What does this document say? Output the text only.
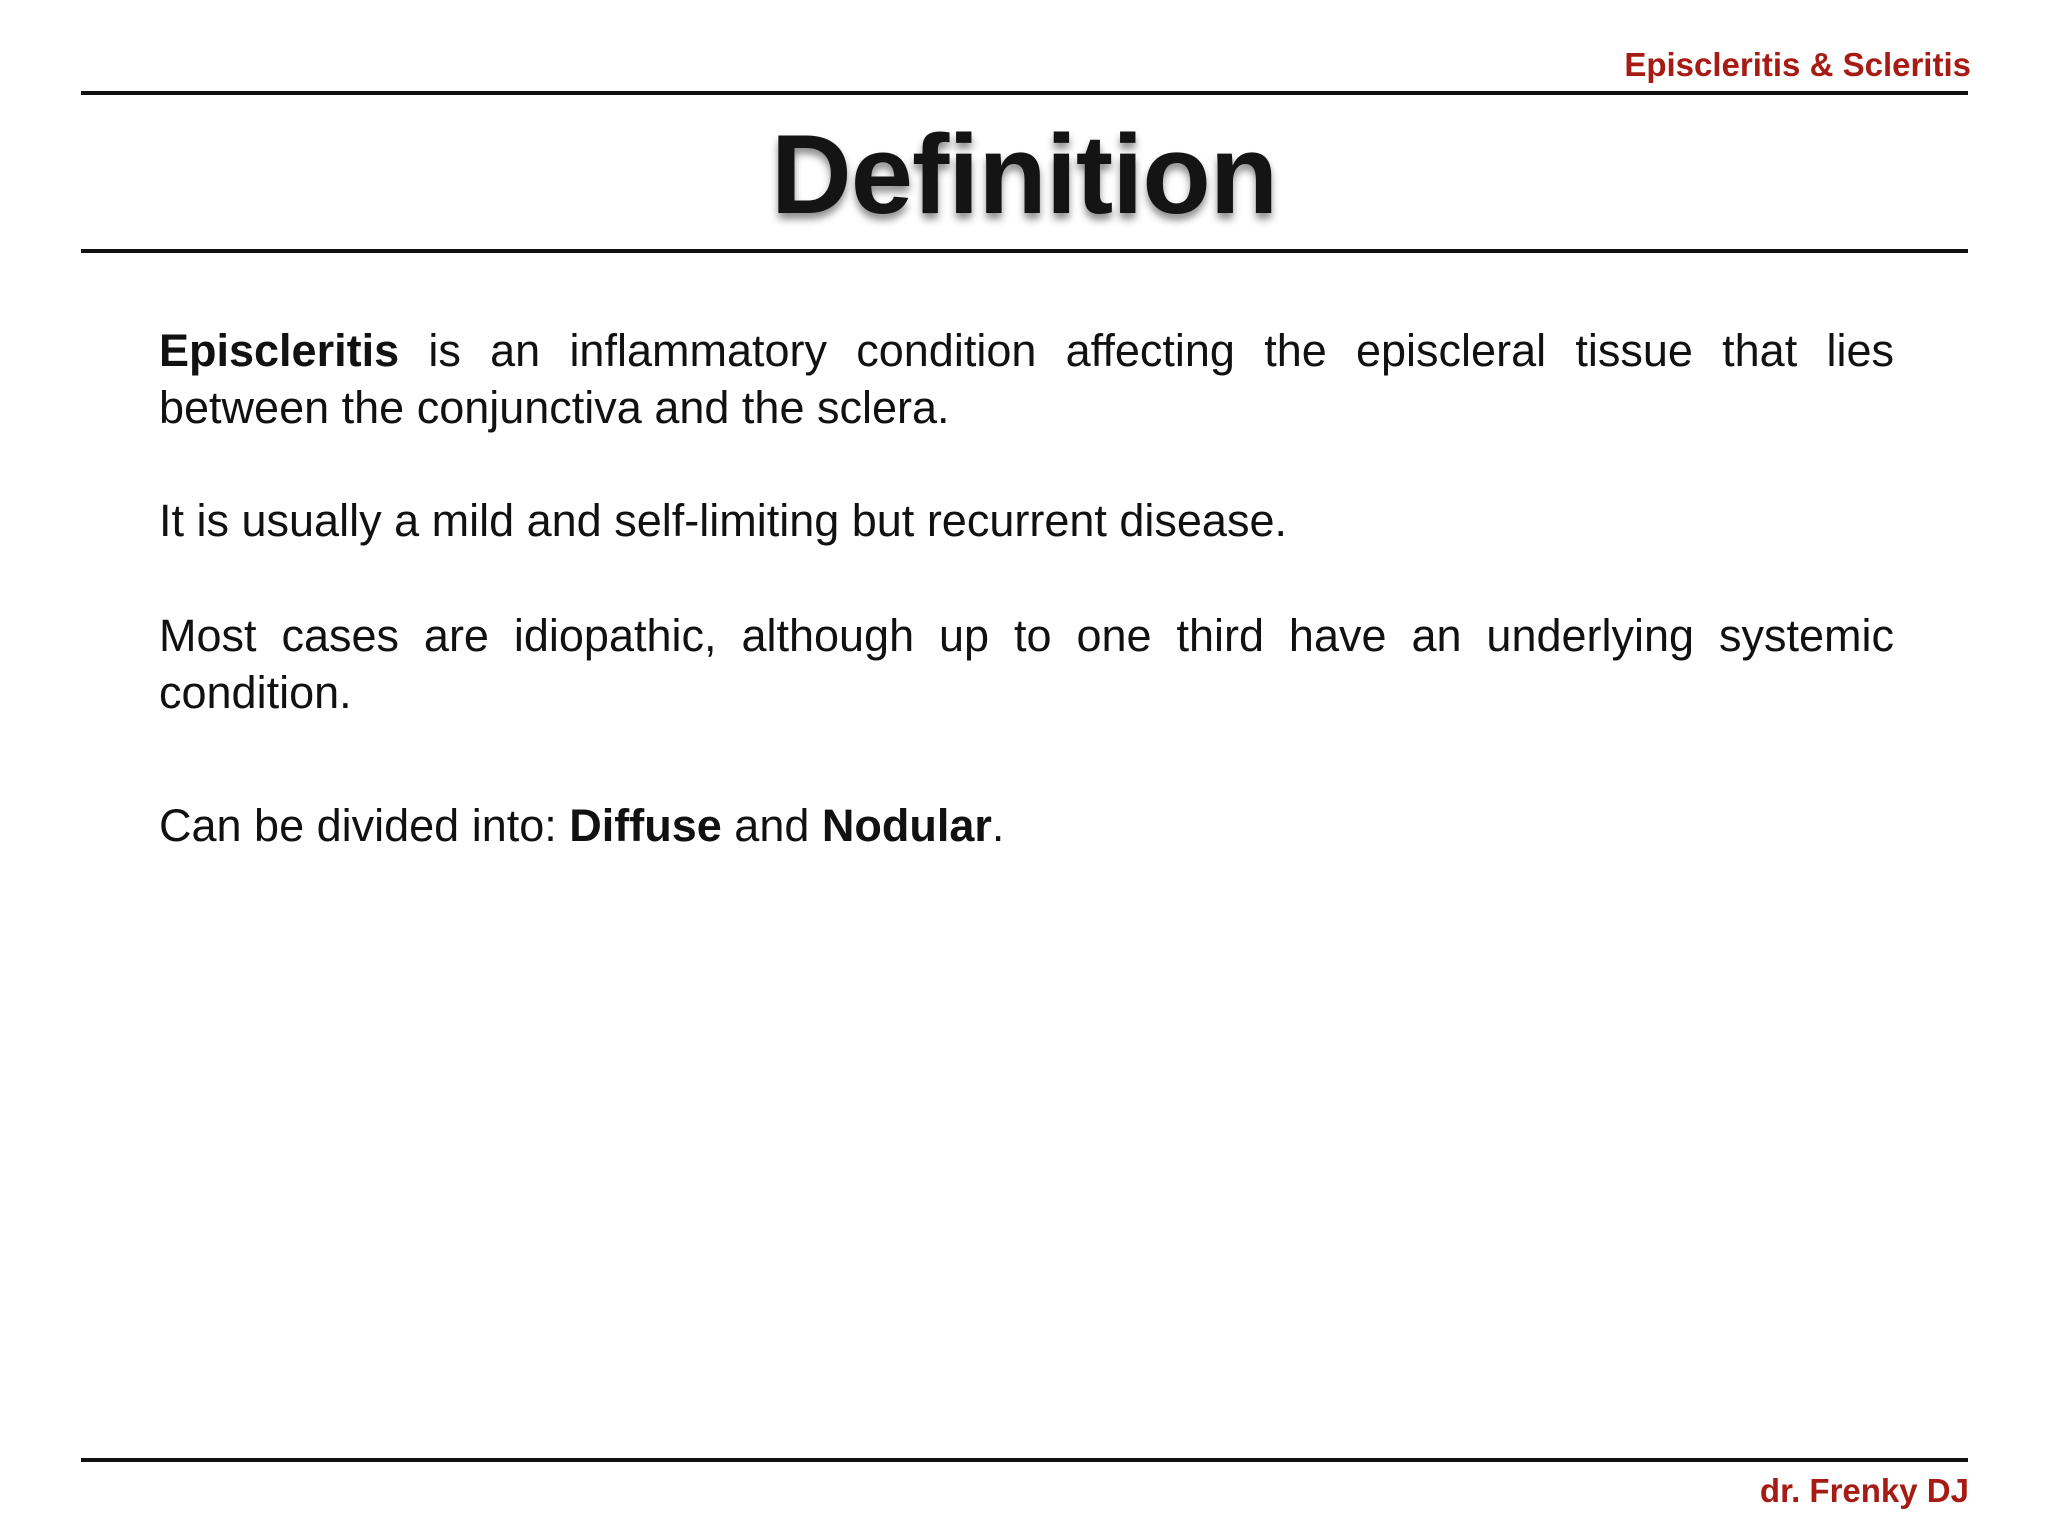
Episcleritis & Scleritis
Definition

Episcleritis is an inflammatory condition affecting the episcleral tissue that lies between the conjunctiva and the sclera.

It is usually a mild and self-limiting but recurrent disease.

Most cases are idiopathic, although up to one third have an underlying systemic condition.

Can be divided into: Diffuse and Nodular.

dr. Frenky DJ
